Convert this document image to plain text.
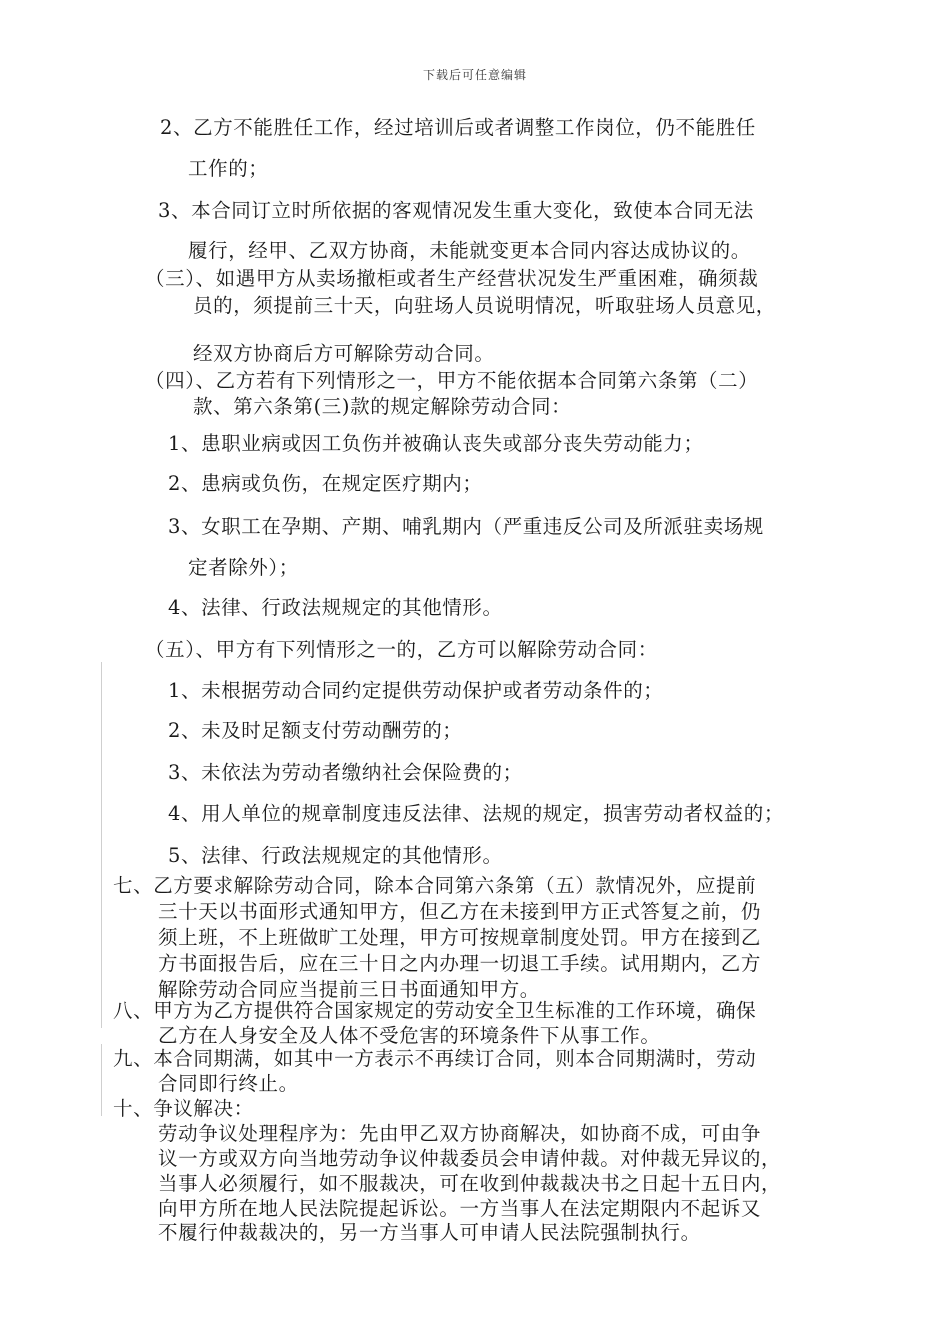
下载后可任意编辑
2、乙方不能胜任工作，经过培训后或者调整工作岗位，仍不能胜任
工作的；
3、本合同订立时所依据的客观情况发生重大变化，致使本合同无法
履行，经甲、乙双方协商，未能就变更本合同内容达成协议的。
（三）、如遇甲方从卖场撤柜或者生产经营状况发生严重困难，确须裁
员的，须提前三十天，向驻场人员说明情况，听取驻场人员意见，
经双方协商后方可解除劳动合同。
（四）、乙方若有下列情形之一，甲方不能依据本合同第六条第（二）
款、第六条第(三)款的规定解除劳动合同：
1、患职业病或因工负伤并被确认丧失或部分丧失劳动能力；
2、患病或负伤，在规定医疗期内；
3、女职工在孕期、产期、哺乳期内（严重违反公司及所派驻卖场规
定者除外）；
4、法律、行政法规规定的其他情形。
（五）、甲方有下列情形之一的，乙方可以解除劳动合同：
1、未根据劳动合同约定提供劳动保护或者劳动条件的；
2、未及时足额支付劳动酬劳的；
3、未依法为劳动者缴纳社会保险费的；
4、用人单位的规章制度违反法律、法规的规定，损害劳动者权益的；
5、法律、行政法规规定的其他情形。
七、乙方要求解除劳动合同，除本合同第六条第（五）款情况外，应提前
三十天以书面形式通知甲方，但乙方在未接到甲方正式答复之前，仍
须上班，不上班做旷工处理，甲方可按规章制度处罚。甲方在接到乙
方书面报告后，应在三十日之内办理一切退工手续。试用期内，乙方
解除劳动合同应当提前三日书面通知甲方。
八、甲方为乙方提供符合国家规定的劳动安全卫生标准的工作环境，确保
乙方在人身安全及人体不受危害的环境条件下从事工作。
九、本合同期满，如其中一方表示不再续订合同，则本合同期满时，劳动
合同即行终止。
十、争议解决：
劳动争议处理程序为：先由甲乙双方协商解决，如协商不成，可由争
议一方或双方向当地劳动争议仲裁委员会申请仲裁。对仲裁无异议的，
当事人必须履行，如不服裁决，可在收到仲裁裁决书之日起十五日内，
向甲方所在地人民法院提起诉讼。一方当事人在法定期限内不起诉又
不履行仲裁裁决的，另一方当事人可申请人民法院强制执行。
